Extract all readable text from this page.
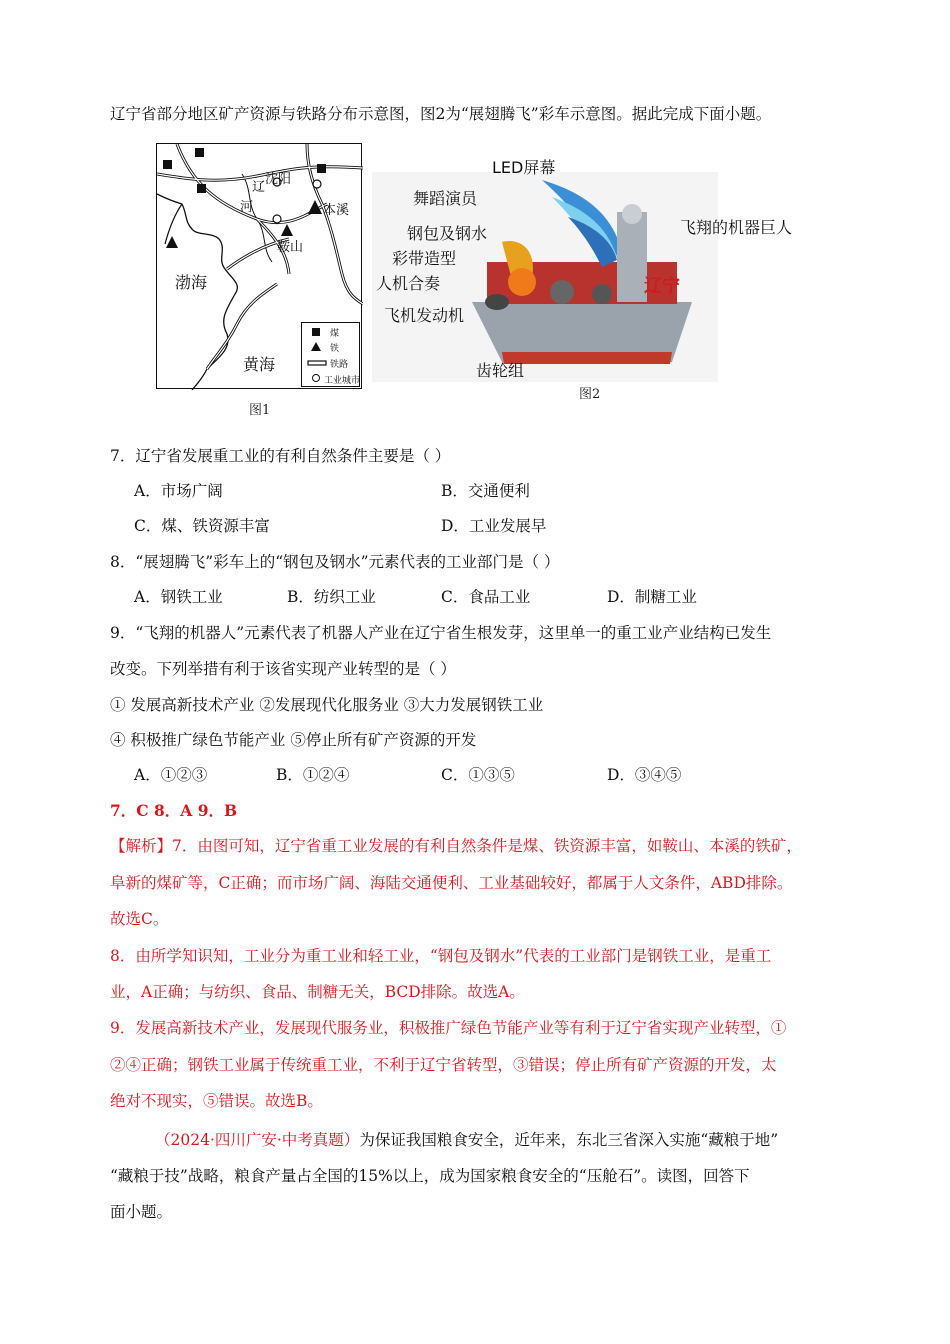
辽宁省部分地区矿产资源与铁路分布示意图，图2为“展翅腾飞”彩车示意图。据此完成下面小题。
辽
河
沈阳
本溪
鞍山
渤海
黄海
煤
铁
铁路
工业城市
图1
辽宁
LED屏幕
舞蹈演员
钢包及钢水
彩带造型
人机合奏
飞机发动机
齿轮组
飞翔的机器巨人
图2
7．辽宁省发展重工业的有利自然条件主要是（ ）
A．市场广阔	B．交通便利
C．煤、铁资源丰富	D．工业发展早
8．“展翅腾飞”彩车上的“钢包及钢水”元素代表的工业部门是（ ）
A．钢铁工业	B．纺织工业	C．食品工业	D．制糖工业
9．“飞翔的机器人”元素代表了机器人产业在辽宁省生根发芽，这里单一的重工业产业结构已发生
改变。下列举措有利于该省实现产业转型的是（ ）
① 发展高新技术产业 ②发展现代化服务业 ③大力发展钢铁工业
④ 积极推广绿色节能产业 ⑤停止所有矿产资源的开发
A．①②③	B．①②④	C．①③⑤	D．③④⑤
7．C 8．A 9．B
【解析】7．由图可知，辽宁省重工业发展的有利自然条件是煤、铁资源丰富，如鞍山、本溪的铁矿，
阜新的煤矿等，C正确；而市场广阔、海陆交通便利、工业基础较好，都属于人文条件，ABD排除。
故选C。
8．由所学知识知，工业分为重工业和轻工业，“钢包及钢水”代表的工业部门是钢铁工业，是重工
业，A正确；与纺织、食品、制糖无关，BCD排除。故选A。
9．发展高新技术产业，发展现代服务业，积极推广绿色节能产业等有利于辽宁省实现产业转型，①
②④正确；钢铁工业属于传统重工业，不利于辽宁省转型，③错误；停止所有矿产资源的开发，太
绝对不现实，⑤错误。故选B。
（2024·四川广安·中考真题）为保证我国粮食安全，近年来，东北三省深入实施“藏粮于地”
“藏粮于技”战略，粮食产量占全国的15%以上，成为国家粮食安全的“压舱石”。读图，回答下
面小题。
